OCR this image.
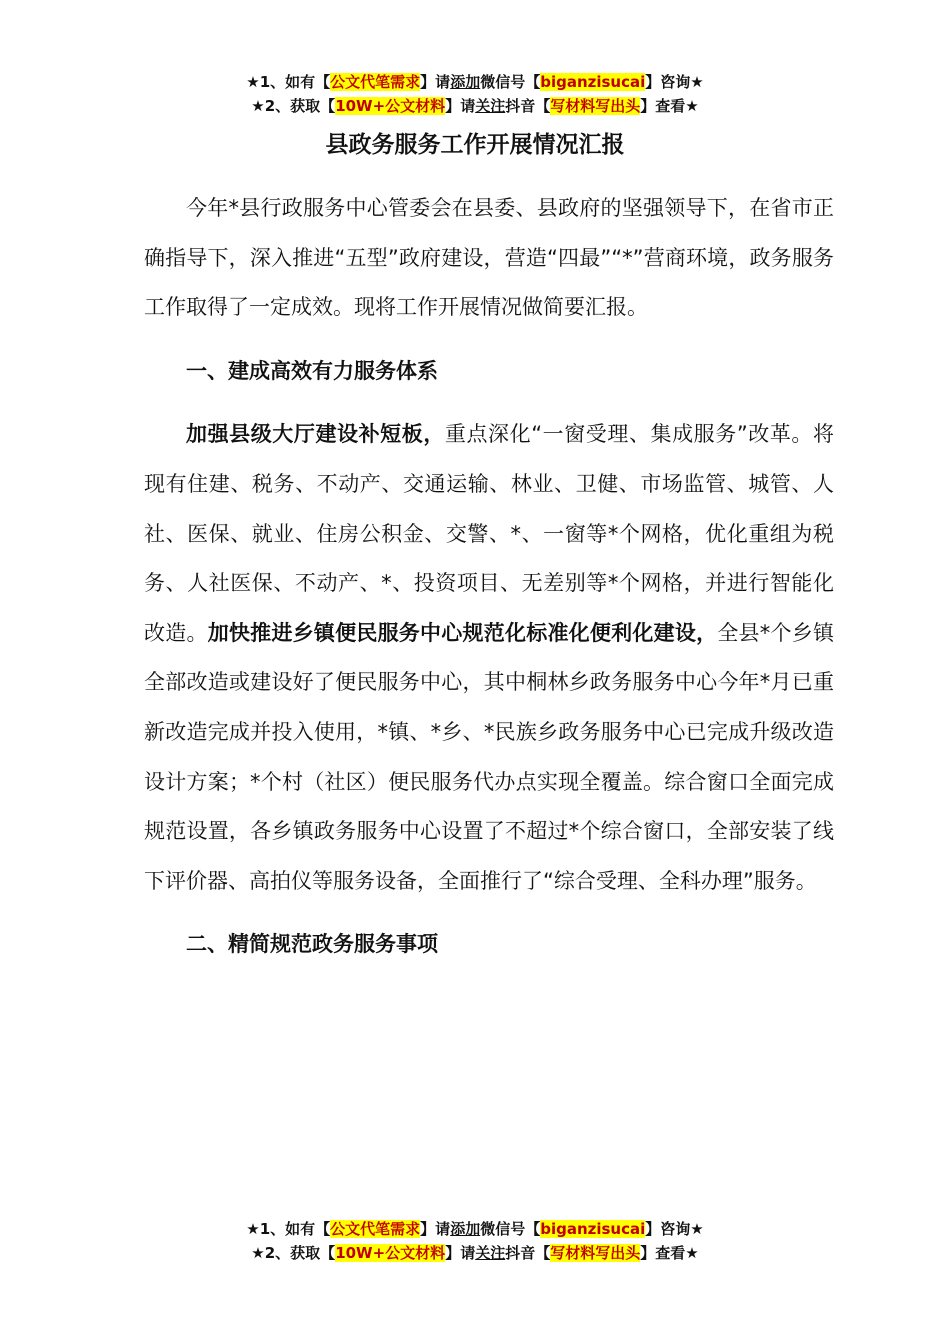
★1、如有【公文代笔需求】请添加微信号【biganzisucai】咨询★
★2、获取【10W+公文材料】请关注抖音【写材料写出头】查看★
县政务服务工作开展情况汇报

今年*县行政服务中心管委会在县委、县政府的坚强领导下，在省市正确指导下，深入推进“五型”政府建设，营造“四最”“*”营商环境，政务服务工作取得了一定成效。现将工作开展情况做简要汇报。

一、建成高效有力服务体系

加强县级大厅建设补短板，重点深化“一窗受理、集成服务”改革。将现有住建、税务、不动产、交通运输、林业、卫健、市场监管、城管、人社、医保、就业、住房公积金、交警、*、一窗等*个网格，优化重组为税务、人社医保、不动产、*、投资项目、无差别等*个网格，并进行智能化改造。加快推进乡镇便民服务中心规范化标准化便利化建设，全县*个乡镇全部改造或建设好了便民服务中心，其中桐林乡政务服务中心今年*月已重新改造完成并投入使用，*镇、*乡、*民族乡政务服务中心已完成升级改造设计方案；*个村（社区）便民服务代办点实现全覆盖。综合窗口全面完成规范设置，各乡镇政务服务中心设置了不超过*个综合窗口，全部安装了线下评价器、高拍仪等服务设备，全面推行了“综合受理、全科办理”服务。

二、精简规范政务服务事项
★1、如有【公文代笔需求】请添加微信号【biganzisucai】咨询★
★2、获取【10W+公文材料】请关注抖音【写材料写出头】查看★
